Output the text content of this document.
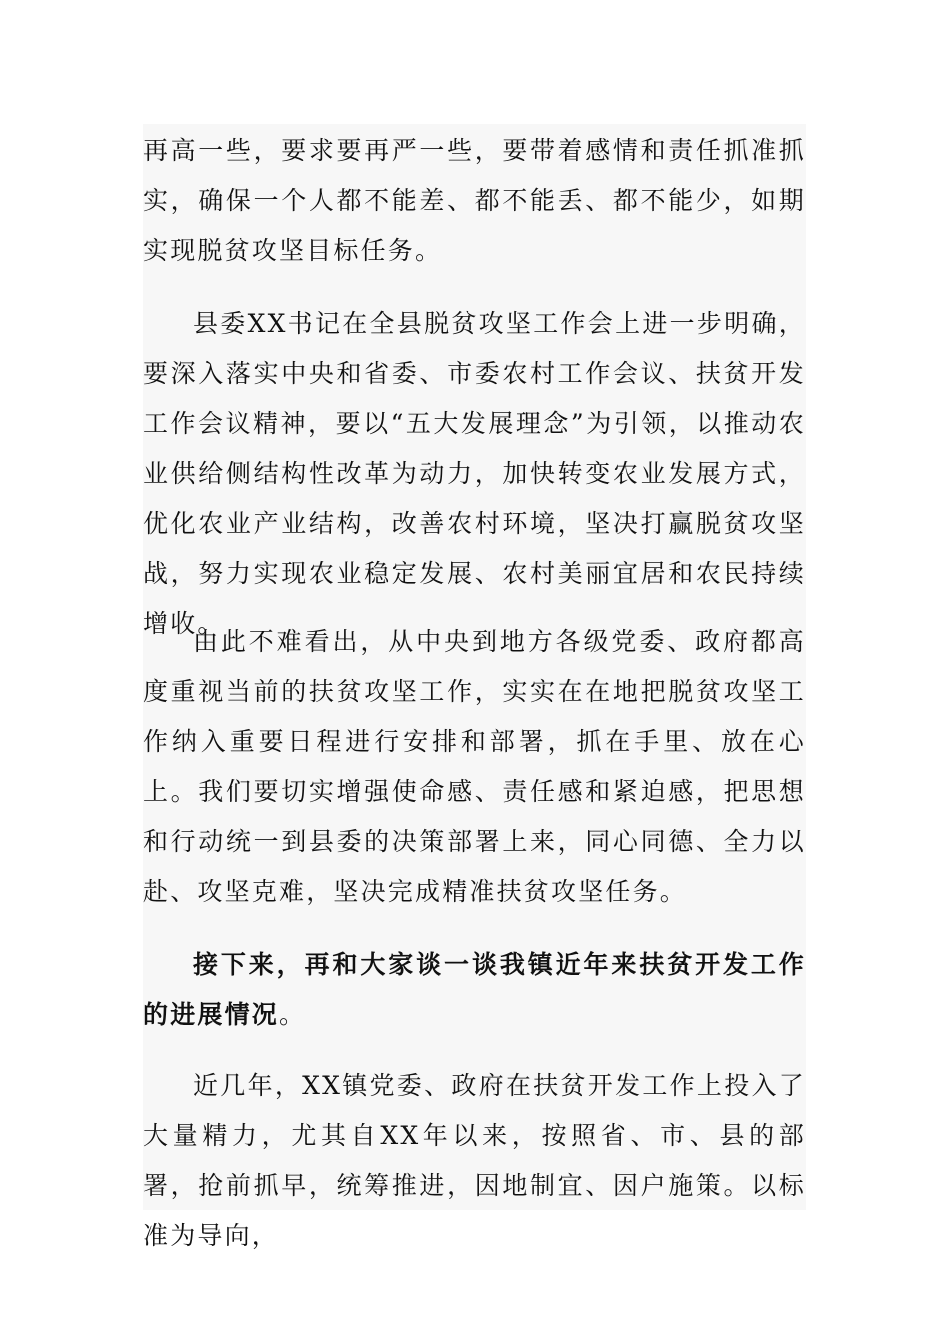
再高一些，要求要再严一些，要带着感情和责任抓准抓实，确保一个人都不能差、都不能丢、都不能少，如期实现脱贫攻坚目标任务。

县委XX书记在全县脱贫攻坚工作会上进一步明确，要深入落实中央和省委、市委农村工作会议、扶贫开发工作会议精神，要以“五大发展理念”为引领，以推动农业供给侧结构性改革为动力，加快转变农业发展方式，优化农业产业结构，改善农村环境，坚决打赢脱贫攻坚战，努力实现农业稳定发展、农村美丽宜居和农民持续增收。

由此不难看出，从中央到地方各级党委、政府都高度重视当前的扶贫攻坚工作，实实在在地把脱贫攻坚工作纳入重要日程进行安排和部署，抓在手里、放在心上。我们要切实增强使命感、责任感和紧迫感，把思想和行动统一到县委的决策部署上来，同心同德、全力以赴、攻坚克难，坚决完成精准扶贫攻坚任务。

接下来，再和大家谈一谈我镇近年来扶贫开发工作的进展情况。

近几年，XX镇党委、政府在扶贫开发工作上投入了大量精力，尤其自XX年以来，按照省、市、县的部署，抢前抓早，统筹推进，因地制宜、因户施策。以标准为导向，
